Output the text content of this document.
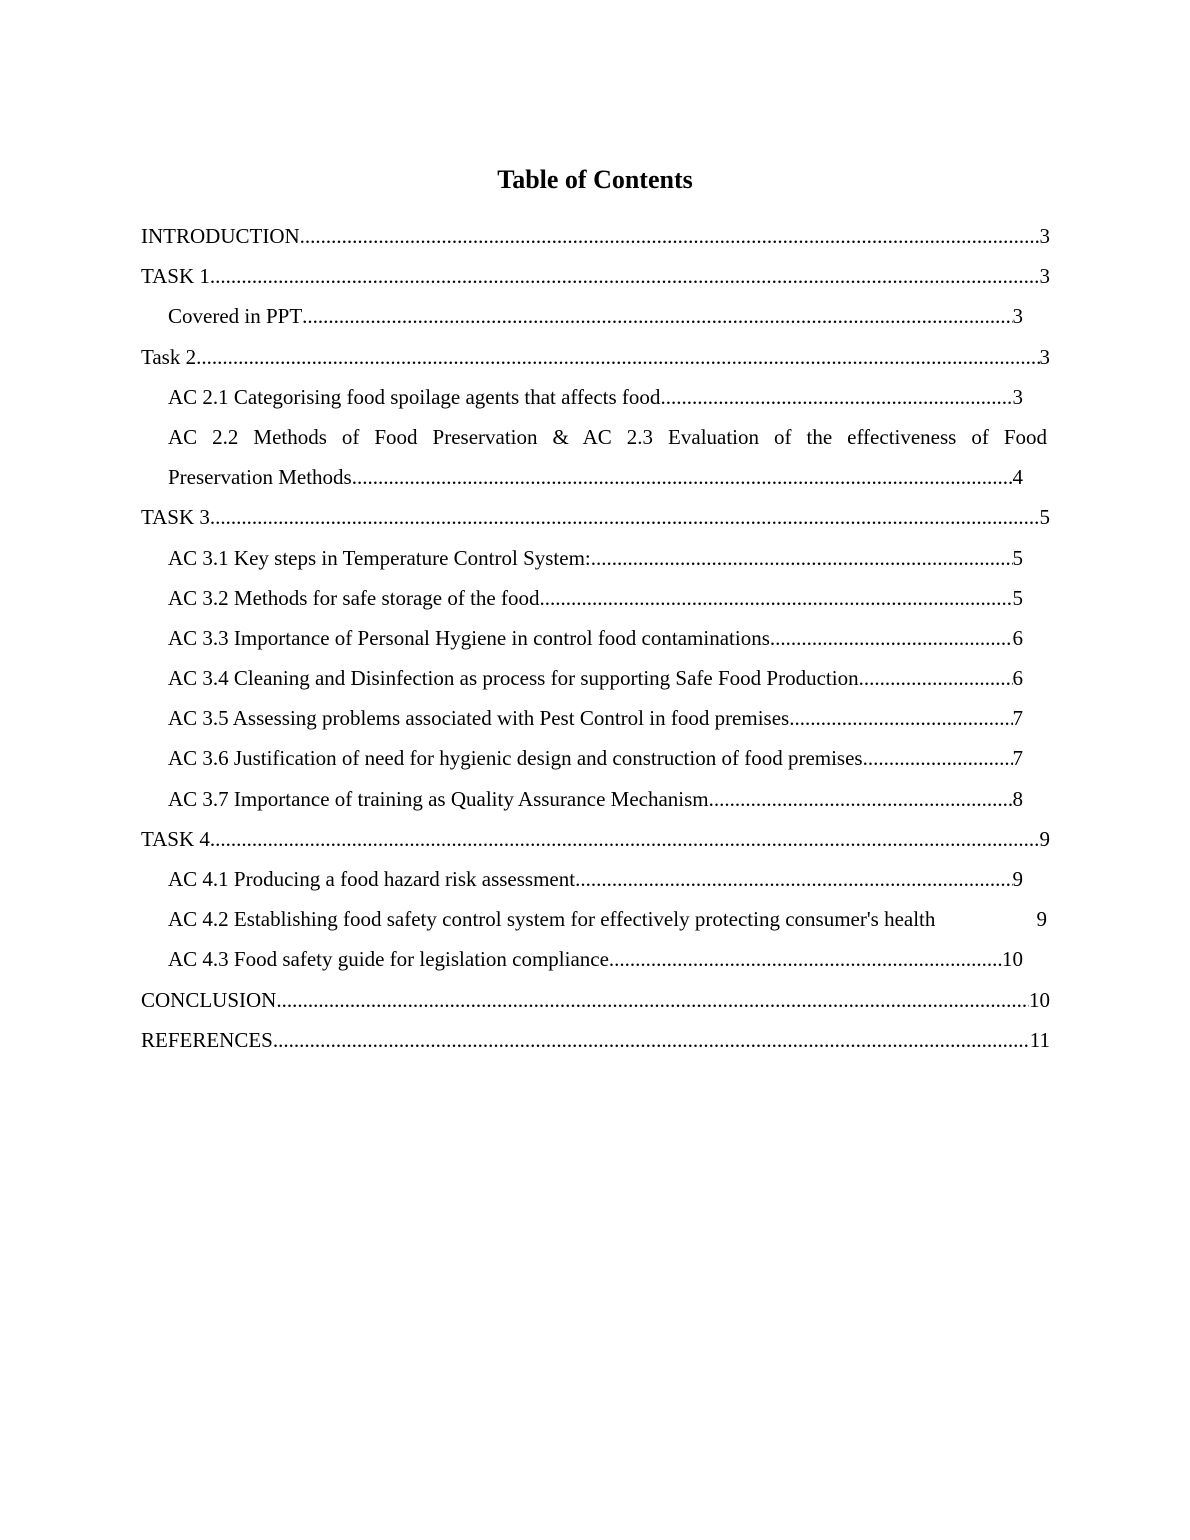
Table of Contents
INTRODUCTION .....	3
TASK 1 .....	3
Covered in PPT .....	3
Task 2 .....	3
AC 2.1 Categorising food spoilage agents that affects food .....	3
AC 2.2 Methods of Food Preservation & AC 2.3 Evaluation of the effectiveness of Food
Preservation Methods .....	4
TASK 3 .....	5
AC 3.1 Key steps in Temperature Control System: .....	5
AC 3.2 Methods for safe storage of the food .....	5
AC 3.3 Importance of Personal Hygiene in control food contaminations .....	6
AC 3.4 Cleaning and Disinfection as process for supporting Safe Food Production .....	6
AC 3.5 Assessing problems associated with Pest Control in food premises .....	7
AC 3.6 Justification of need for hygienic design and construction of food premises .....	7
AC 3.7 Importance of training as Quality Assurance Mechanism .....	8
TASK 4 .....	9
AC 4.1 Producing a food hazard risk assessment .....	9
AC 4.2 Establishing food safety control system for effectively protecting consumer's health	9
AC 4.3 Food safety guide for legislation compliance .....	10
CONCLUSION .....	10
REFERENCES .....	11
